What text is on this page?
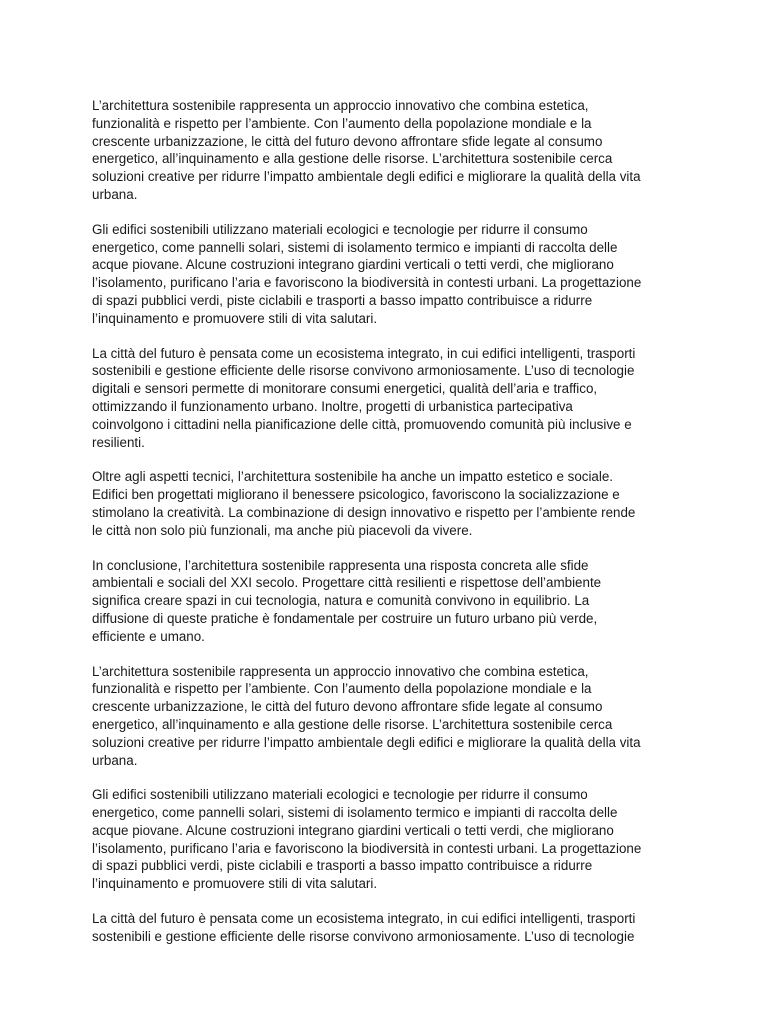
L’architettura sostenibile rappresenta un approccio innovativo che combina estetica,
funzionalità e rispetto per l’ambiente. Con l’aumento della popolazione mondiale e la
crescente urbanizzazione, le città del futuro devono affrontare sfide legate al consumo
energetico, all’inquinamento e alla gestione delle risorse. L’architettura sostenibile cerca
soluzioni creative per ridurre l’impatto ambientale degli edifici e migliorare la qualità della vita
urbana.

Gli edifici sostenibili utilizzano materiali ecologici e tecnologie per ridurre il consumo
energetico, come pannelli solari, sistemi di isolamento termico e impianti di raccolta delle
acque piovane. Alcune costruzioni integrano giardini verticali o tetti verdi, che migliorano
l’isolamento, purificano l’aria e favoriscono la biodiversità in contesti urbani. La progettazione
di spazi pubblici verdi, piste ciclabili e trasporti a basso impatto contribuisce a ridurre
l’inquinamento e promuovere stili di vita salutari.

La città del futuro è pensata come un ecosistema integrato, in cui edifici intelligenti, trasporti
sostenibili e gestione efficiente delle risorse convivono armoniosamente. L’uso di tecnologie
digitali e sensori permette di monitorare consumi energetici, qualità dell’aria e traffico,
ottimizzando il funzionamento urbano. Inoltre, progetti di urbanistica partecipativa
coinvolgono i cittadini nella pianificazione delle città, promuovendo comunità più inclusive e
resilienti.

Oltre agli aspetti tecnici, l’architettura sostenibile ha anche un impatto estetico e sociale.
Edifici ben progettati migliorano il benessere psicologico, favoriscono la socializzazione e
stimolano la creatività. La combinazione di design innovativo e rispetto per l’ambiente rende
le città non solo più funzionali, ma anche più piacevoli da vivere.

In conclusione, l’architettura sostenibile rappresenta una risposta concreta alle sfide
ambientali e sociali del XXI secolo. Progettare città resilienti e rispettose dell’ambiente
significa creare spazi in cui tecnologia, natura e comunità convivono in equilibrio. La
diffusione di queste pratiche è fondamentale per costruire un futuro urbano più verde,
efficiente e umano.

L’architettura sostenibile rappresenta un approccio innovativo che combina estetica,
funzionalità e rispetto per l’ambiente. Con l’aumento della popolazione mondiale e la
crescente urbanizzazione, le città del futuro devono affrontare sfide legate al consumo
energetico, all’inquinamento e alla gestione delle risorse. L’architettura sostenibile cerca
soluzioni creative per ridurre l’impatto ambientale degli edifici e migliorare la qualità della vita
urbana.

Gli edifici sostenibili utilizzano materiali ecologici e tecnologie per ridurre il consumo
energetico, come pannelli solari, sistemi di isolamento termico e impianti di raccolta delle
acque piovane. Alcune costruzioni integrano giardini verticali o tetti verdi, che migliorano
l’isolamento, purificano l’aria e favoriscono la biodiversità in contesti urbani. La progettazione
di spazi pubblici verdi, piste ciclabili e trasporti a basso impatto contribuisce a ridurre
l’inquinamento e promuovere stili di vita salutari.

La città del futuro è pensata come un ecosistema integrato, in cui edifici intelligenti, trasporti
sostenibili e gestione efficiente delle risorse convivono armoniosamente. L’uso di tecnologie
